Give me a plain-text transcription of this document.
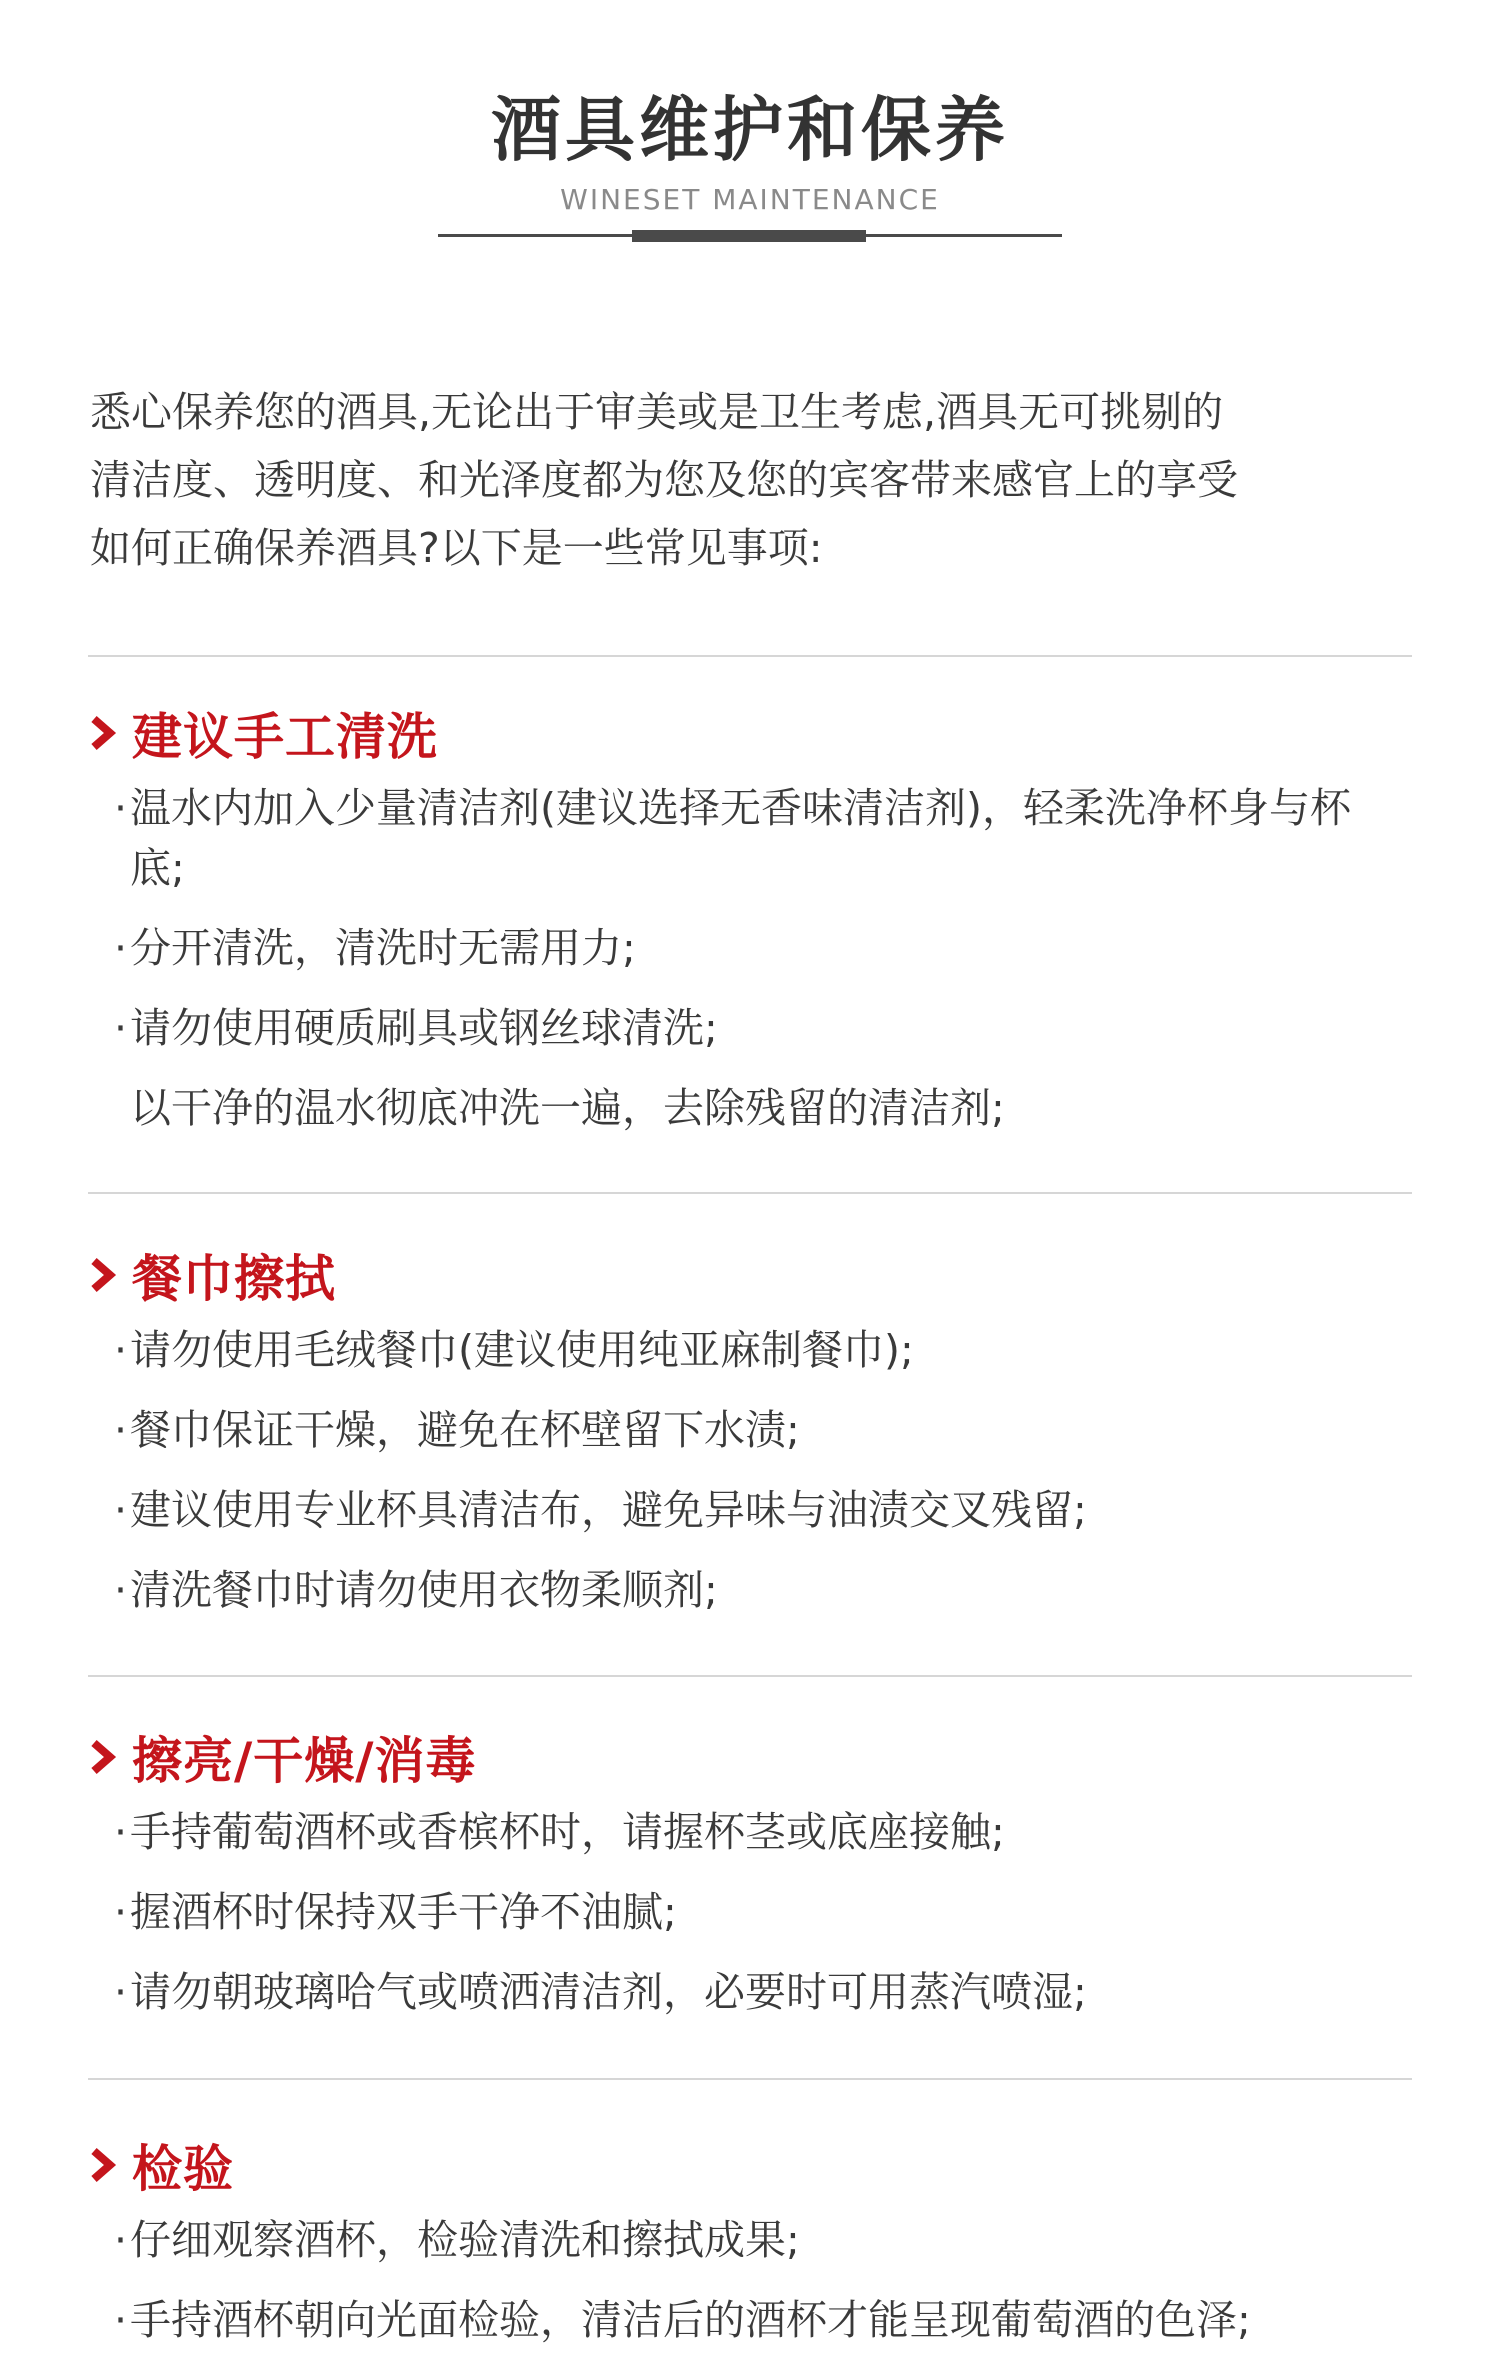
酒具维护和保养
WINESET MAINTENANCE

悉心保养您的酒具,无论出于审美或是卫生考虑,酒具无可挑剔的

清洁度、透明度、和光泽度都为您及您的宾客带来感官上的享受

如何正确保养酒具?以下是一些常见事项:

建议手工清洗
· 温水内加入少量清洁剂(建议选择无香味清洁剂)，轻柔洗净杯身与杯底;
· 分开清洗，清洗时无需用力;
· 请勿使用硬质刷具或钢丝球清洗;
以干净的温水彻底冲洗一遍，去除残留的清洁剂;
餐巾擦拭
· 请勿使用毛绒餐巾(建议使用纯亚麻制餐巾);
· 餐巾保证干燥，避免在杯壁留下水渍;
· 建议使用专业杯具清洁布，避免异味与油渍交叉残留;
· 清洗餐巾时请勿使用衣物柔顺剂;
擦亮/干燥/消毒
· 手持葡萄酒杯或香槟杯时，请握杯茎或底座接触;
· 握酒杯时保持双手干净不油腻;
· 请勿朝玻璃哈气或喷洒清洁剂，必要时可用蒸汽喷湿;
检验
· 仔细观察酒杯，检验清洗和擦拭成果;
· 手持酒杯朝向光面检验，清洁后的酒杯才能呈现葡萄酒的色泽;
